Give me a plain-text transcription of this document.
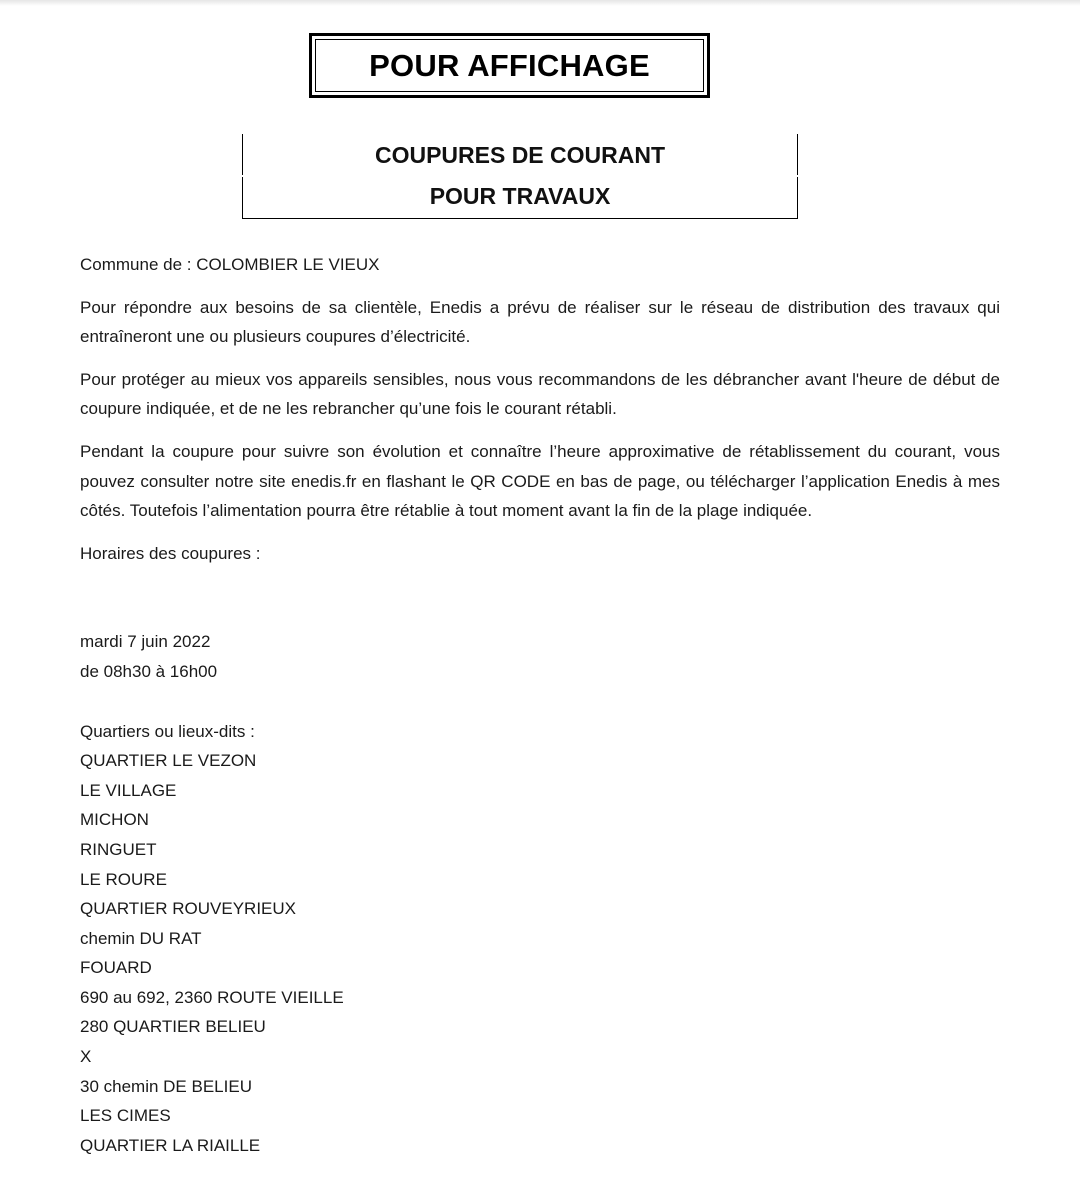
POUR AFFICHAGE
COUPURES DE COURANT
POUR TRAVAUX

Commune de : COLOMBIER LE VIEUX

Pour répondre aux besoins de sa clientèle, Enedis a prévu de réaliser sur le réseau de distribution des travaux qui entraîneront une ou plusieurs coupures d’électricité.

Pour protéger au mieux vos appareils sensibles, nous vous recommandons de les débrancher avant l'heure de début de coupure indiquée, et de ne les rebrancher qu’une fois le courant rétabli.

Pendant la coupure pour suivre son évolution et connaître l’heure approximative de rétablissement du courant, vous pouvez consulter notre site enedis.fr en flashant le QR CODE en bas de page, ou télécharger l’application Enedis à mes côtés. Toutefois l’alimentation pourra être rétablie à tout moment avant la fin de la plage indiquée.

Horaires des coupures :

mardi 7 juin 2022
de 08h30 à 16h00
Quartiers ou lieux-dits :
QUARTIER LE VEZON
LE VILLAGE
MICHON
RINGUET
LE ROURE
QUARTIER ROUVEYRIEUX
chemin DU RAT
FOUARD
690 au 692, 2360 ROUTE VIEILLE
280 QUARTIER BELIEU
X
30 chemin DE BELIEU
LES CIMES
QUARTIER LA RIAILLE
